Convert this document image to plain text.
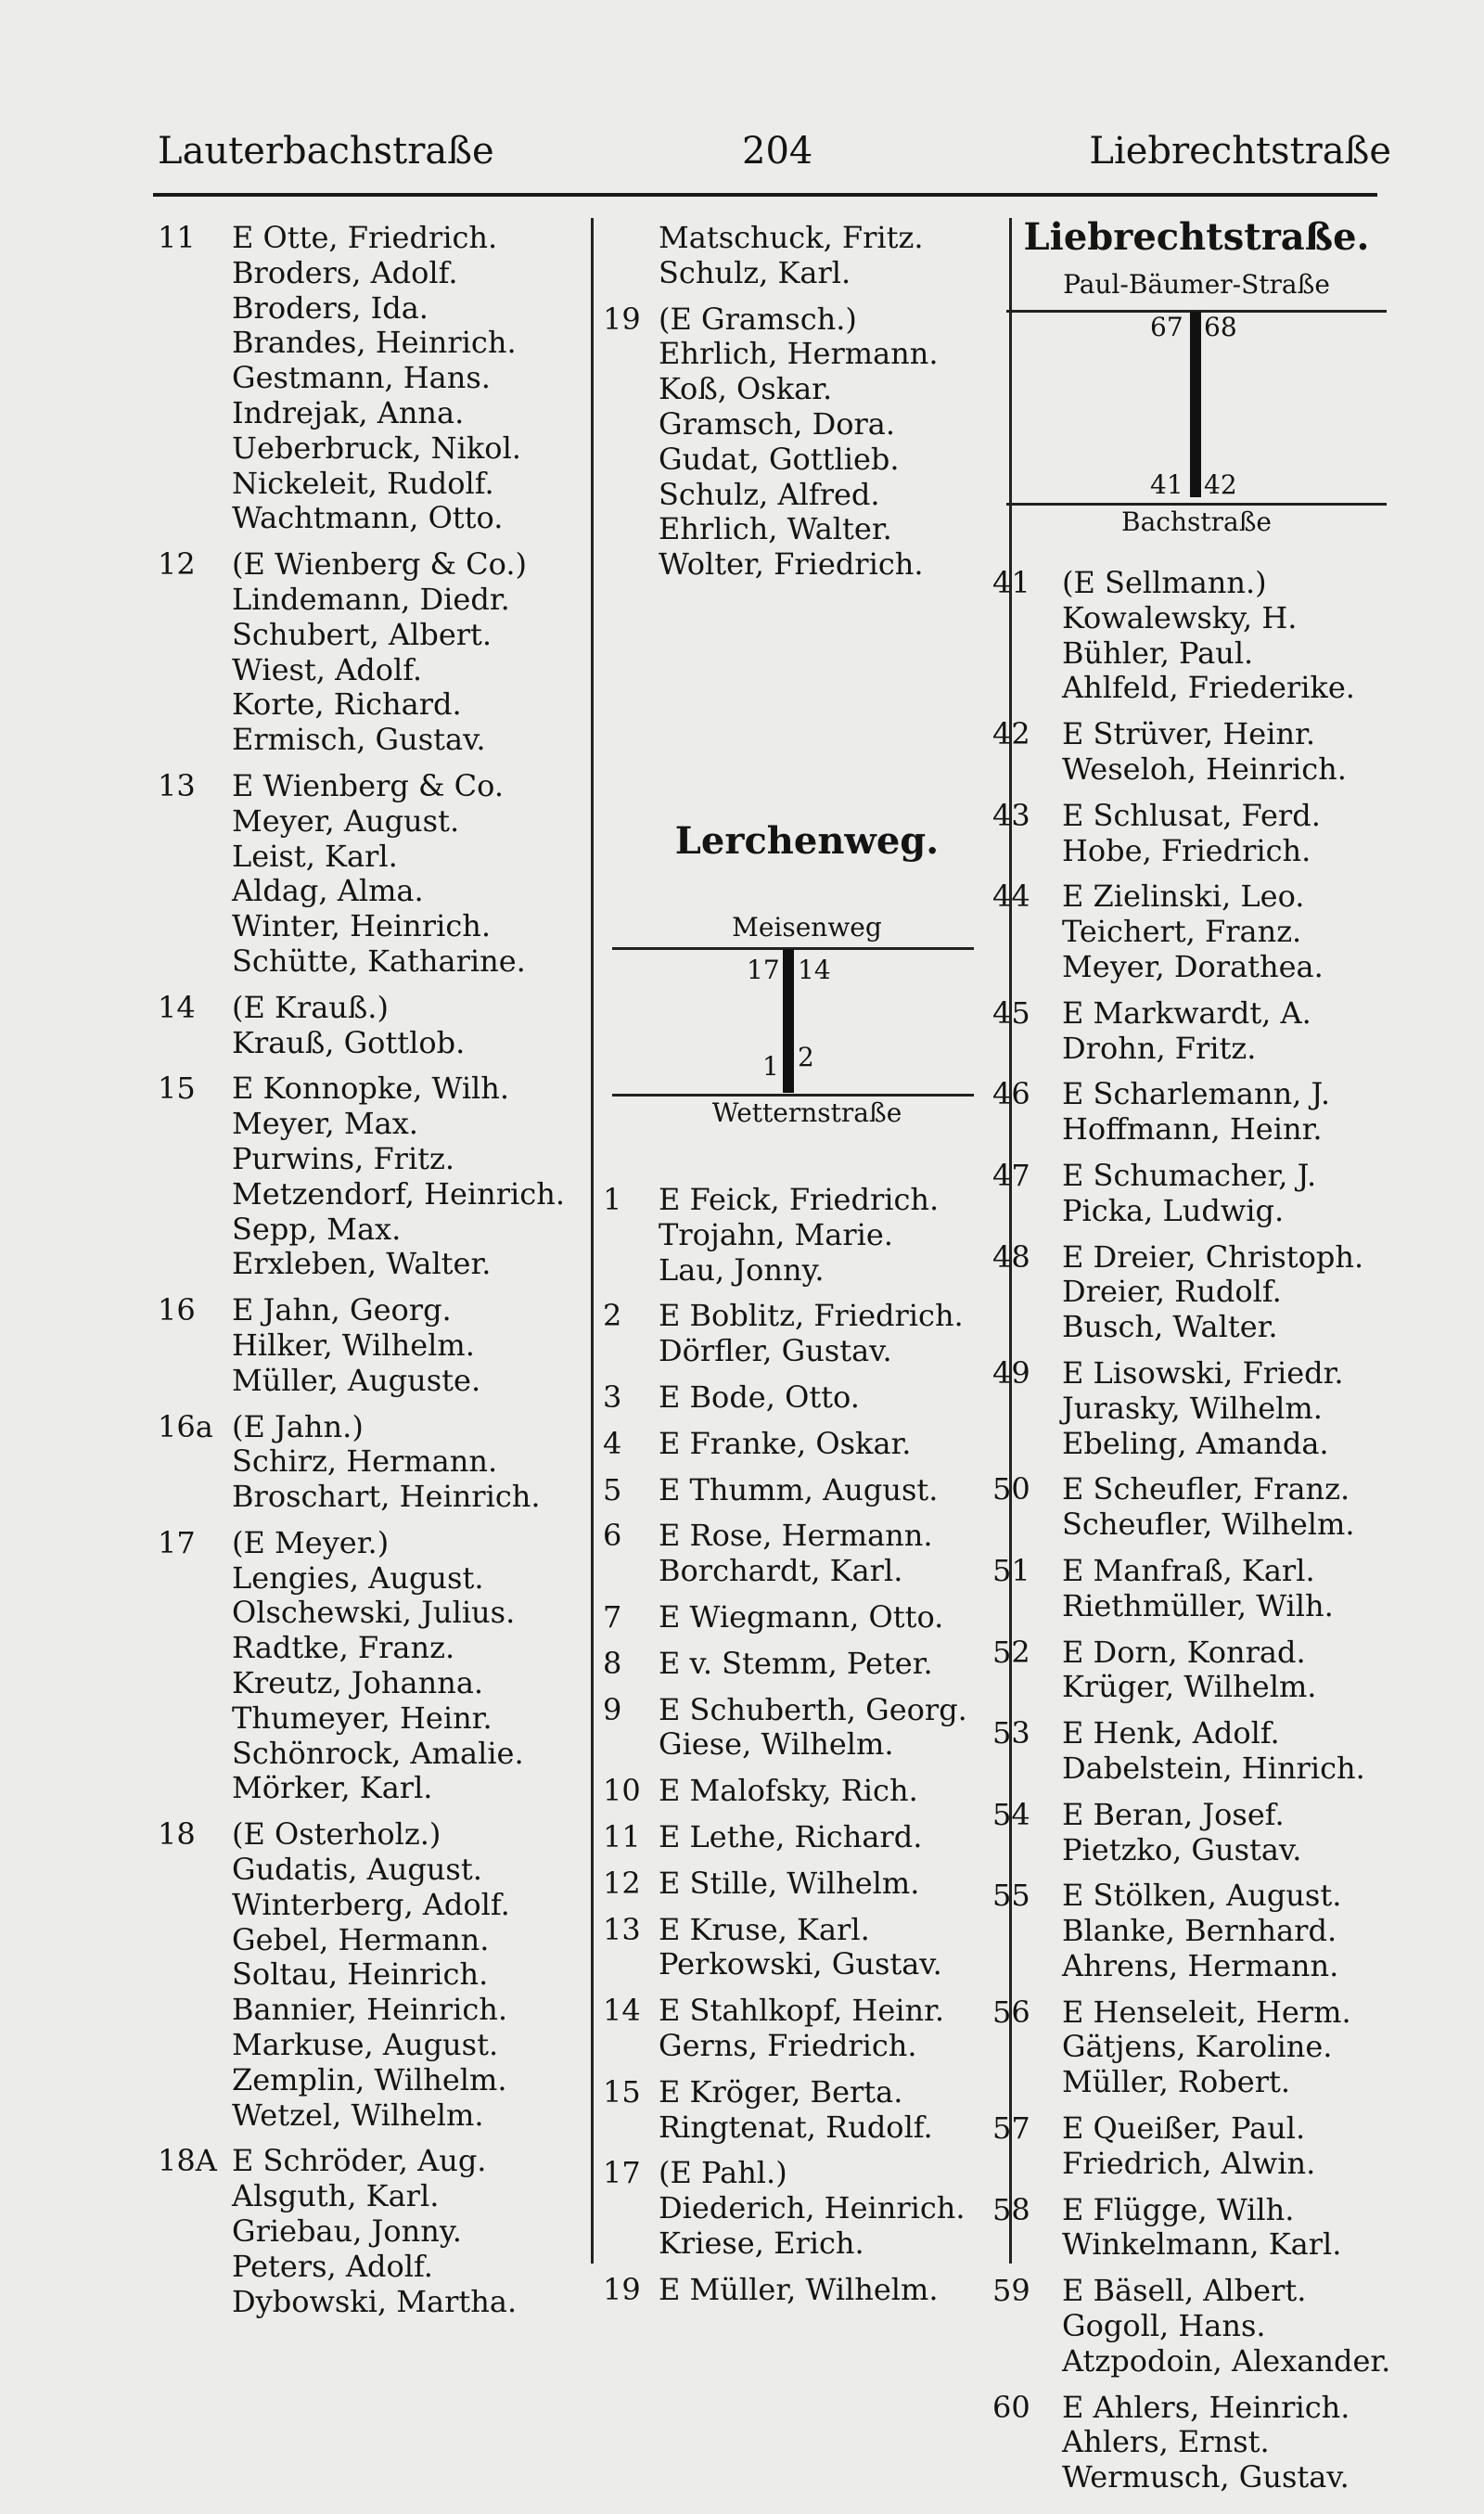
Lauterbachstraße	204	Liebrechtstraße
11	E Otte, Friedrich.
Broders, Adolf.
Broders, Ida.
Brandes, Heinrich.
Gestmann, Hans.
Indrejak, Anna.
Ueberbruck, Nikol.
Nickeleit, Rudolf.
Wachtmann, Otto.
12	(E Wienberg & Co.)
Lindemann, Diedr.
Schubert, Albert.
Wiest, Adolf.
Korte, Richard.
Ermisch, Gustav.
13	E Wienberg & Co.
Meyer, August.
Leist, Karl.
Aldag, Alma.
Winter, Heinrich.
Schütte, Katharine.
14	(E Krauß.)
Krauß, Gottlob.
15	E Konnopke, Wilh.
Meyer, Max.
Purwins, Fritz.
Metzendorf, Heinrich.
Sepp, Max.
Erxleben, Walter.
16	E Jahn, Georg.
Hilker, Wilhelm.
Müller, Auguste.
16a (E Jahn.)
Schirz, Hermann.
Broschart, Heinrich.
17	(E Meyer.)
Lengies, August.
Olschewski, Julius.
Radtke, Franz.
Kreutz, Johanna.
Thumeyer, Heinr.
Schönrock, Amalie.
Mörker, Karl.
18	(E Osterholz.)
Gudatis, August.
Winterberg, Adolf.
Gebel, Hermann.
Soltau, Heinrich.
Bannier, Heinrich.
Markuse, August.
Zemplin, Wilhelm.
Wetzel, Wilhelm.
18A E Schröder, Aug.
Alsguth, Karl.
Griebau, Jonny.
Peters, Adolf.
Dybowski, Martha.
Matschuck, Fritz.
Schulz, Karl.
19 (E Gramsch.)
Ehrlich, Hermann.
Koß, Oskar.
Gramsch, Dora.
Gudat, Gottlieb.
Schulz, Alfred.
Ehrlich, Walter.
Wolter, Friedrich.
Lerchenweg.
Meisenweg
17 14
1 2
Wetternstraße
1	E Feick, Friedrich.
Trojahn, Marie.
Lau, Jonny.
2	E Boblitz, Friedrich.
Dörfler, Gustav.
3	E Bode, Otto.
4	E Franke, Oskar.
5	E Thumm, August.
6	E Rose, Hermann.
Borchardt, Karl.
7	E Wiegmann, Otto.
8	E v. Stemm, Peter.
9	E Schuberth, Georg.
Giese, Wilhelm.
10 E Malofsky, Rich.
11 E Lethe, Richard.
12 E Stille, Wilhelm.
13 E Kruse, Karl.
Perkowski, Gustav.
14 E Stahlkopf, Heinr.
Gerns, Friedrich.
15 E Kröger, Berta.
Ringtenat, Rudolf.
17 (E Pahl.)
Diederich, Heinrich.
Kriese, Erich.
19 E Müller, Wilhelm.
Liebrechtstraße.
Paul-Bäumer-Straße
67 68
41 42
Bachstraße
41	(E Sellmann.)
Kowalewsky, H.
Bühler, Paul.
Ahlfeld, Friederike.
42	E Strüver, Heinr.
Weseloh, Heinrich.
43	E Schlusat, Ferd.
Hobe, Friedrich.
44	E Zielinski, Leo.
Teichert, Franz.
Meyer, Dorathea.
45	E Markwardt, A.
Drohn, Fritz.
46	E Scharlemann, J.
Hoffmann, Heinr.
47	E Schumacher, J.
Picka, Ludwig.
48	E Dreier, Christoph.
Dreier, Rudolf.
Busch, Walter.
49	E Lisowski, Friedr.
Jurasky, Wilhelm.
Ebeling, Amanda.
50	E Scheufler, Franz.
Scheufler, Wilhelm.
51	E Manfraß, Karl.
Riethmüller, Wilh.
52	E Dorn, Konrad.
Krüger, Wilhelm.
53	E Henk, Adolf.
Dabelstein, Hinrich.
54	E Beran, Josef.
Pietzko, Gustav.
55	E Stölken, August.
Blanke, Bernhard.
Ahrens, Hermann.
56	E Henseleit, Herm.
Gätjens, Karoline.
Müller, Robert.
57	E Queißer, Paul.
Friedrich, Alwin.
58	E Flügge, Wilh.
Winkelmann, Karl.
59	E Bäsell, Albert.
Gogoll, Hans.
Atzpodoin, Alexander.
60	E Ahlers, Heinrich.
Ahlers, Ernst.
Wermusch, Gustav.
